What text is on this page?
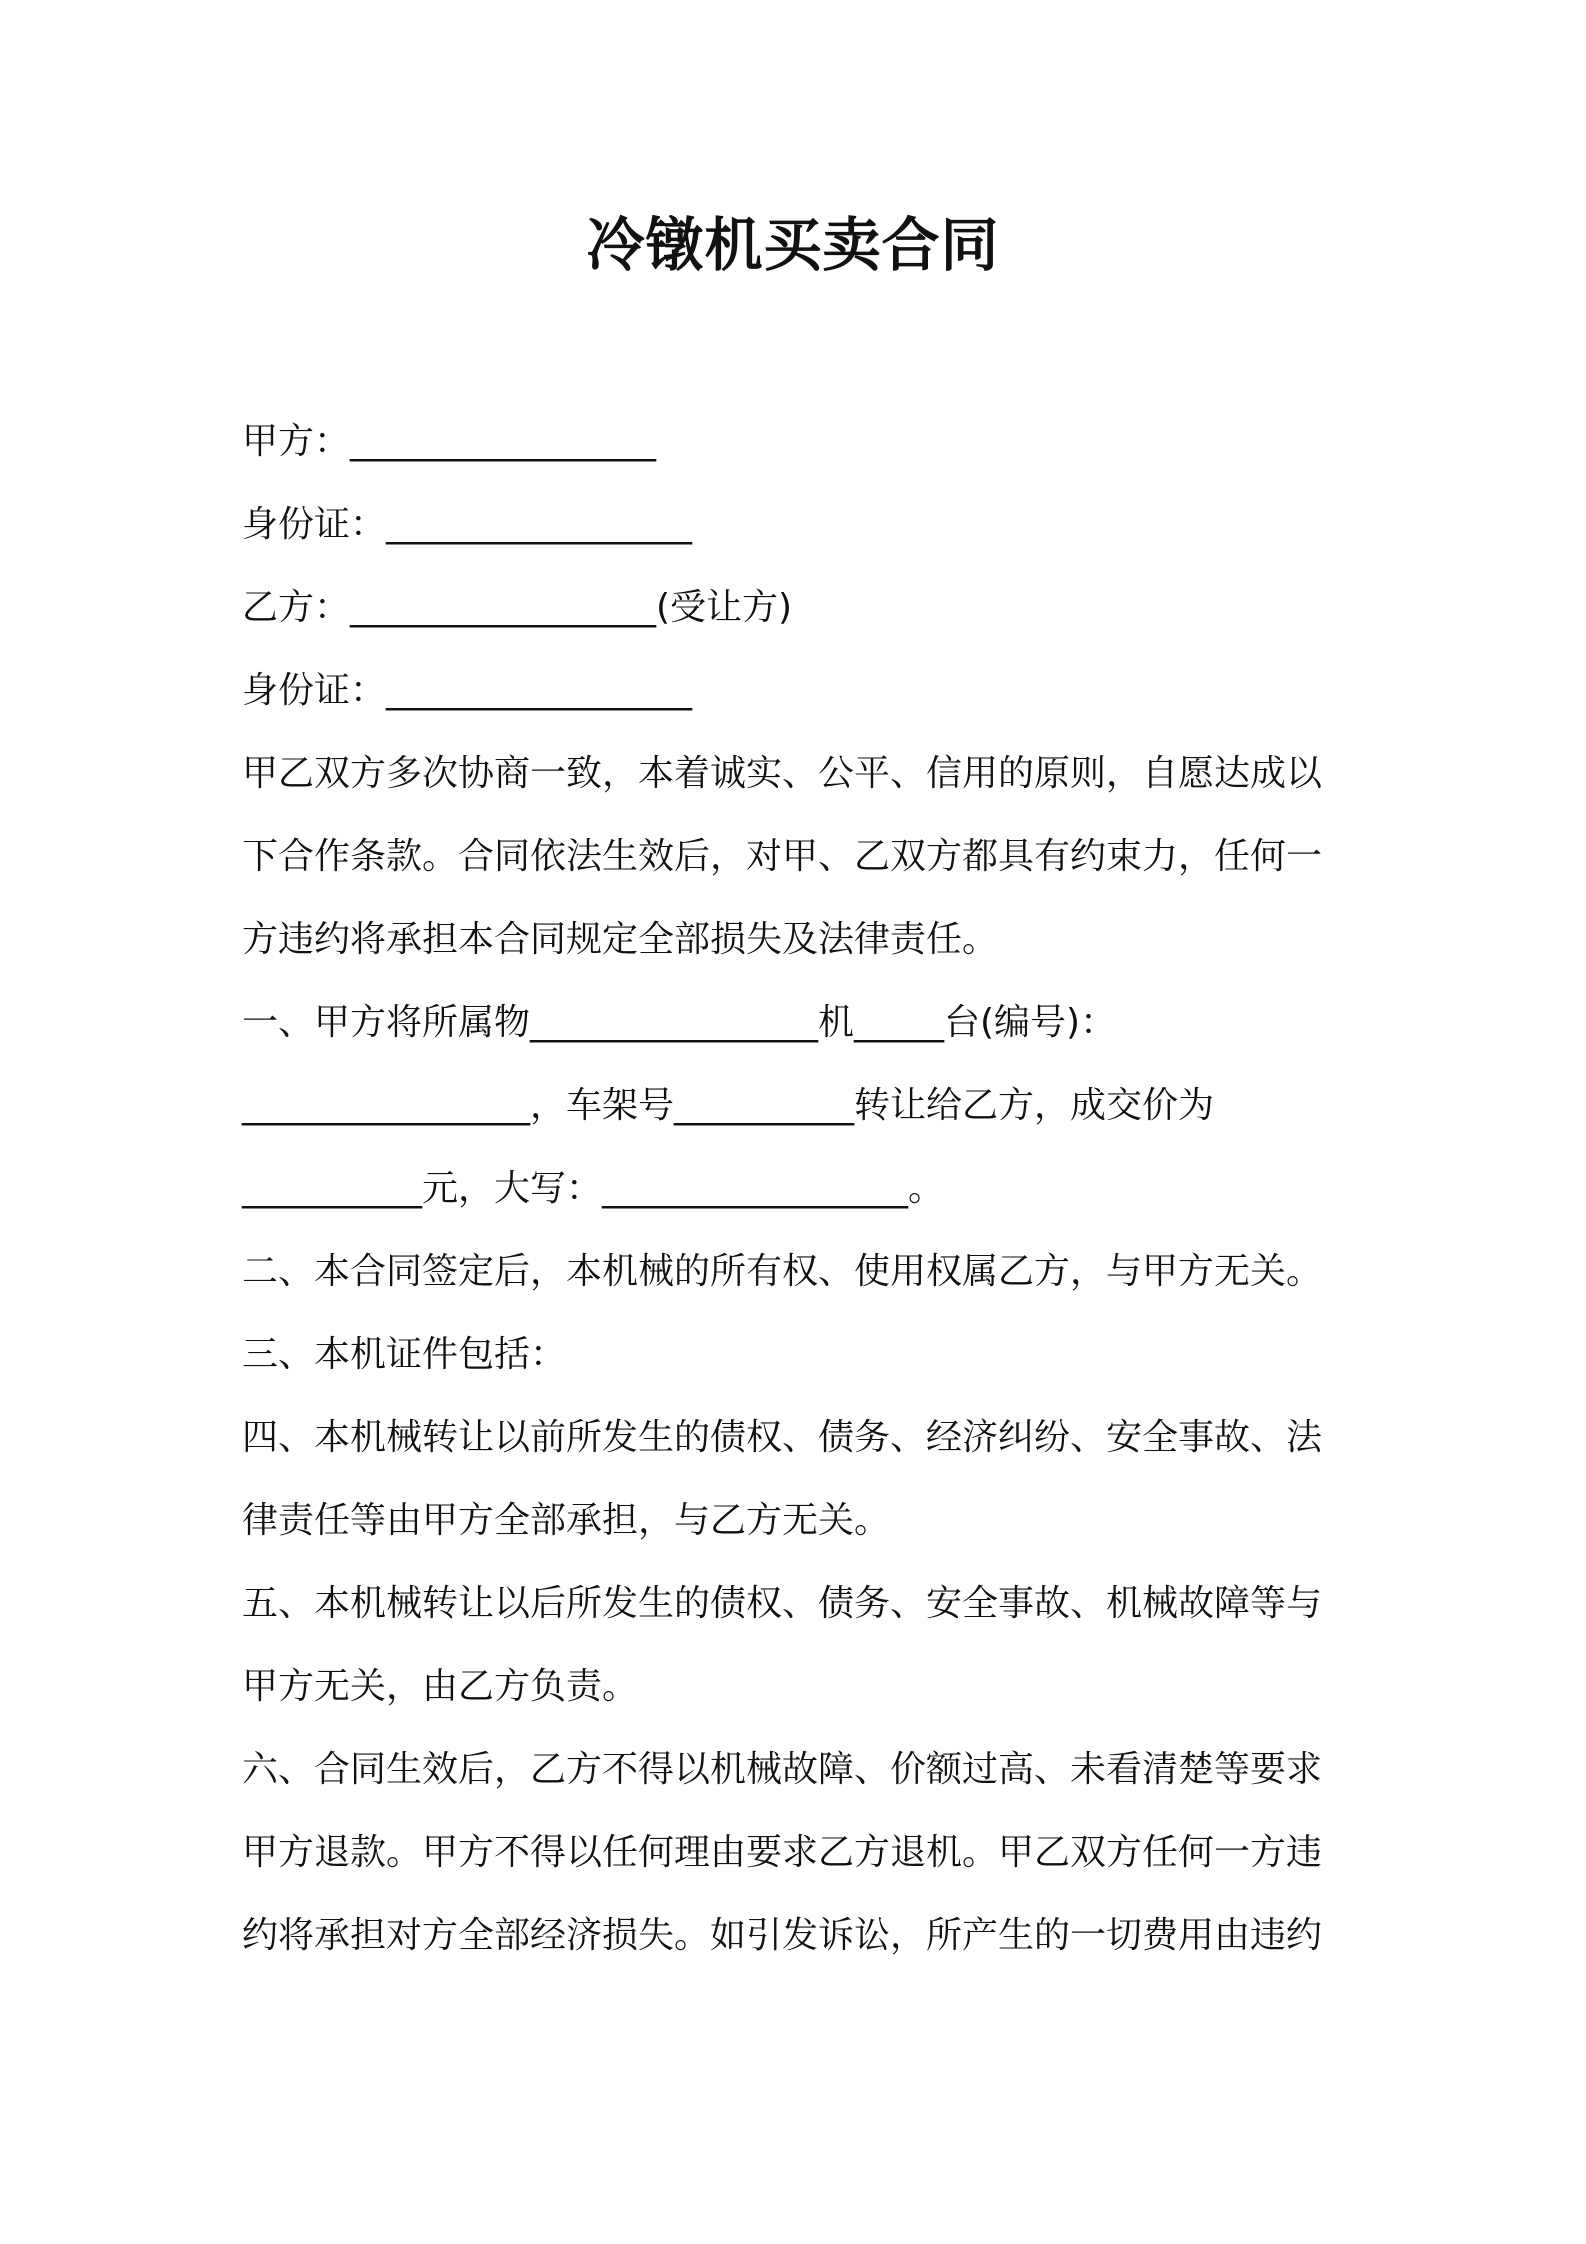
冷镦机买卖合同

甲方：_________________

身份证：_________________

乙方：_________________(受让方)

身份证：_________________

甲乙双方多次协商一致，本着诚实、公平、信用的原则，自愿达成以

下合作条款。合同依法生效后，对甲、乙双方都具有约束力，任何一

方违约将承担本合同规定全部损失及法律责任。

一、甲方将所属物________________机_____台(编号)：

________________，车架号__________转让给乙方，成交价为

__________元，大写：_________________。

二、本合同签定后，本机械的所有权、使用权属乙方，与甲方无关。

三、本机证件包括：

四、本机械转让以前所发生的债权、债务、经济纠纷、安全事故、法

律责任等由甲方全部承担，与乙方无关。

五、本机械转让以后所发生的债权、债务、安全事故、机械故障等与

甲方无关，由乙方负责。

六、合同生效后，乙方不得以机械故障、价额过高、未看清楚等要求

甲方退款。甲方不得以任何理由要求乙方退机。甲乙双方任何一方违

约将承担对方全部经济损失。如引发诉讼，所产生的一切费用由违约
